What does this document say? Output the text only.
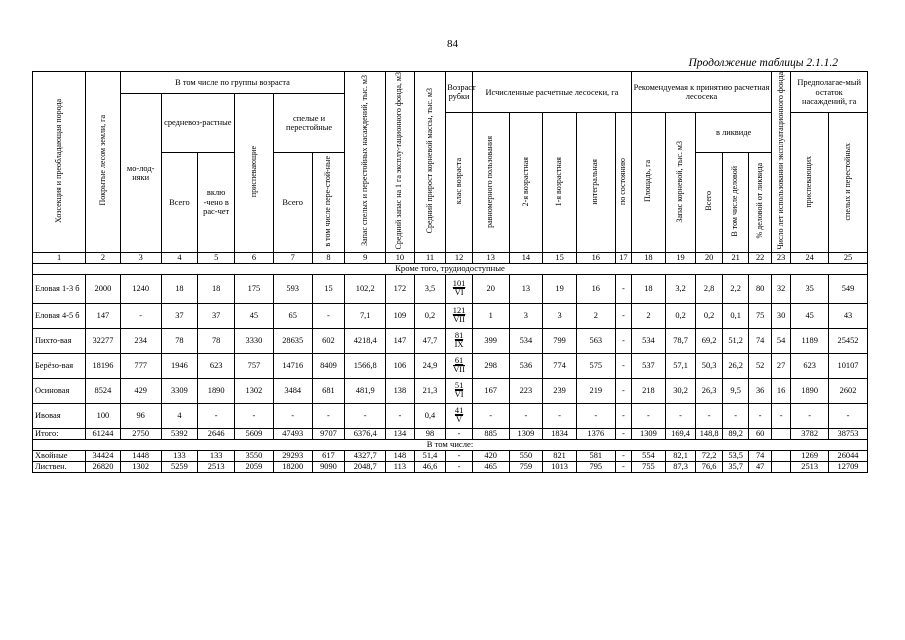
84
Продолжение таблицы 2.1.1.2
Хозсекция и преобладающая порода	Покрытые лесом земли, га	В том числе по группы возраста						Запас спелых и перестойных насаждений, тыс. м3	Средний запас на 1 га эксплу-тационного фонда, м3	Средний прирост корневой массы, тыс. м3	Возраст рубки	Исчисленные расчетные лесосеки, га					Рекомендуемая к принятию расчетная лесосека					Число лет использовании эксплуатационного фонда	Предполагае-мый остаток насаждений, га	
		мо-лод-няки	средневоз-растные		приспевающие	спелые и перестойные																		
											клас возраста	равномерного пользования	2-я возрастная	1-я возрастная	интегральная	по состоянию	Площадь, га	Запас корневой, тыс. м3	в ликвиде				приспевающих	спелых и перестойных
			Всего	вклю -чено в рас-чет		Всего	в том числе пере-стой-ные												Всего	В том числе деловой	% деловой от ликвида			
1	2	3	4	5	6	7	8	9	10	11	12	13	14	15	16	17	18	19	20	21	22	23	24	25
Кроме того, трудиодоступные																								
Еловая 1-3 б	2000	1240	18	18	175	593	15	102,2	172	3,5	$\frac{101}{VI}$	20	13	19	16	-	18	3,2	2,8	2,2	80	32	35	549
Еловая 4-5 б	147	-	37	37	45	65	-	7,1	109	0,2	$\frac{121}{\text{VII}}$	1	3	3	2	-	2	0,2	0,2	0,1	75	30	45	43
Пихто-вая	32277	234	78	78	3330	28635	602	4218,4	147	47,7	$\frac{81}{IX}$	399	534	799	563	-	534	78,7	69,2	51,2	74	54	1189	25452
Берёзо-вая	18196	777	1946	623	757	14716	8409	1566,8	106	24,9	$\frac{61}{\text{VII}}$	298	536	774	575	-	537	57,1	50,3	26,2	52	27	623	10107
Осиновая	8524	429	3309	1890	1302	3484	681	481,9	138	21,3	$\frac{51}{VI}$	167	223	239	219	-	218	30,2	26,3	9,5	36	16	1890	2602
Ивовая	100	96	4	-	-	-	-	-	-	0,4	$\frac{41}{V}$	-	-	-	-	-	-	-	-	-	-	-	-	-
Итого:	61244	2750	5392	2646	5609	47493	9707	6376,4	134	98	-	885	1309	1834	1376	-	1309	169,4	148,8	89,2	60		3782	38753
В том числе:																								
Хвойные	34424	1448	133	133	3550	29293	617	4327,7	148	51,4	-	420	550	821	581	-	554	82,1	72,2	53,5	74		1269	26044
Листвен.	26820	1302	5259	2513	2059	18200	9090	2048,7	113	46,6	-	465	759	1013	795	-	755	87,3	76,6	35,7	47		2513	12709
